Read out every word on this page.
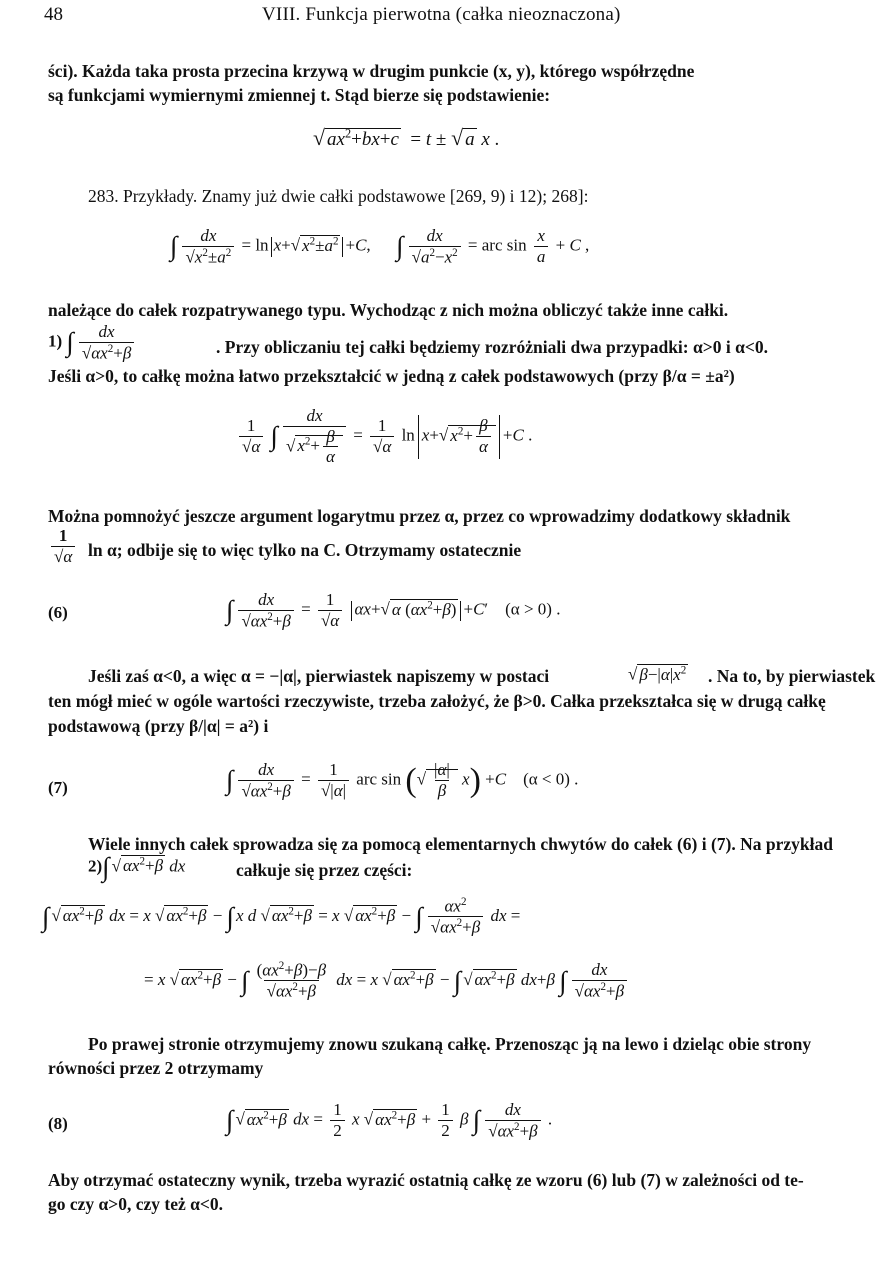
48	VIII. Funkcja pierwotna (całka nieoznaczona)
ści). Każda taka prosta przecina krzywą w drugim punkcie (x, y), którego współrzędne
są funkcjami wymiernymi zmiennej t. Stąd bierze się podstawienie:
√ $ax^2+bx+c = t$ ± √ a x .
283. Przykłady. Znamy już dwie całki podstawowe [269, 9) i 12); 268]:
∫ $\frac{dx}{√x^2\pm a^2} = \ln x+√$ $x^2\pm a^2 +C$,      ∫ $\frac{dx}{√a^2-x^2}$ = arc $\sin \frac{x}{a} + C$ ,
należące do całek rozpatrywanego typu. Wychodząc z nich można obliczyć także inne całki.
1) ∫ $\frac{dx}{√\alpha x^2+\beta}$	. Przy obliczaniu tej całki będziemy rozróżniali dwa przypadki: α>0 i α<0.
Jeśli α>0, to całkę można łatwo przekształcić w jedną z całek podstawowych (przy β/α = ±a²)
$\frac{1}{√\alpha}$ ∫ $\frac{dx}{√ x^2+ \frac{\beta}{\alpha}} = \frac{1}{√\alpha}$ ln x+√ $x^2+ \frac{\beta}{\alpha} +C$ .
Można pomnożyć jeszcze argument logarytmu przez α, przez co wprowadzimy dodatkowy składnik
$\frac{1}{√\alpha}$ ln α; odbije się to więc tylko na C. Otrzymamy ostatecznie
(6)	∫ $\frac{dx}{√\alpha x^2+\beta} = \frac{1}{√\alpha} \alpha x+√$ α $(\alpha x^2+\beta) +C'$    (α > 0) .
Jeśli zaś α<0, a więc α = −|α|, pierwiastek napiszemy w postaci	√ $\beta-|\alpha|x^2$ . Na to, by pierwiastek
ten mógł mieć w ogóle wartości rzeczywiste, trzeba założyć, że β>0. Całka przekształca się w drugą całkę
podstawową (przy β/|α| = a²) i
(7)	∫ $\frac{dx}{√\alpha x^2+\beta} = \frac{1}{√|\alpha|}$ arc sin (√ $\frac{|\alpha|}{\beta} x) +C$ (α < 0) .
Wiele innych całek sprowadza się za pomocą elementarnych chwytów do całek (6) i (7). Na przykład
2)∫ √ $\alpha x^2+\beta$ dx	całkuje się przez części:
∫ √ $\alpha x^2+\beta$ dx = x √ $\alpha x^2+\beta$ − ∫ x d √ $\alpha x^2+\beta = x$ √ $\alpha x^2+\beta$ − ∫ $\frac{\alpha x^2}{√\alpha x^2+\beta}$ dx =
= x √ $\alpha x^2+\beta$ − ∫ $\frac{(\alpha x^2+\beta)-\beta}{√\alpha x^2+\beta}$ dx = x √ $\alpha x^2+\beta$ − ∫ √ $\alpha x^2+\beta$ dx+β ∫ $\frac{dx}{√\alpha x^2+\beta}$
Po prawej stronie otrzymujemy znowu szukaną całkę. Przenosząc ją na lewo i dzieląc obie strony
równości przez 2 otrzymamy
(8)	∫ √ $\alpha x^2+\beta$ dx = $\frac{1}{2}$ x √ $\alpha x^2+\beta + \frac{1}{2}$ β ∫ $\frac{dx}{√\alpha x^2+\beta}$ .
Aby otrzymać ostateczny wynik, trzeba wyrazić ostatnią całkę ze wzoru (6) lub (7) w zależności od te-
go czy α>0, czy też α<0.
